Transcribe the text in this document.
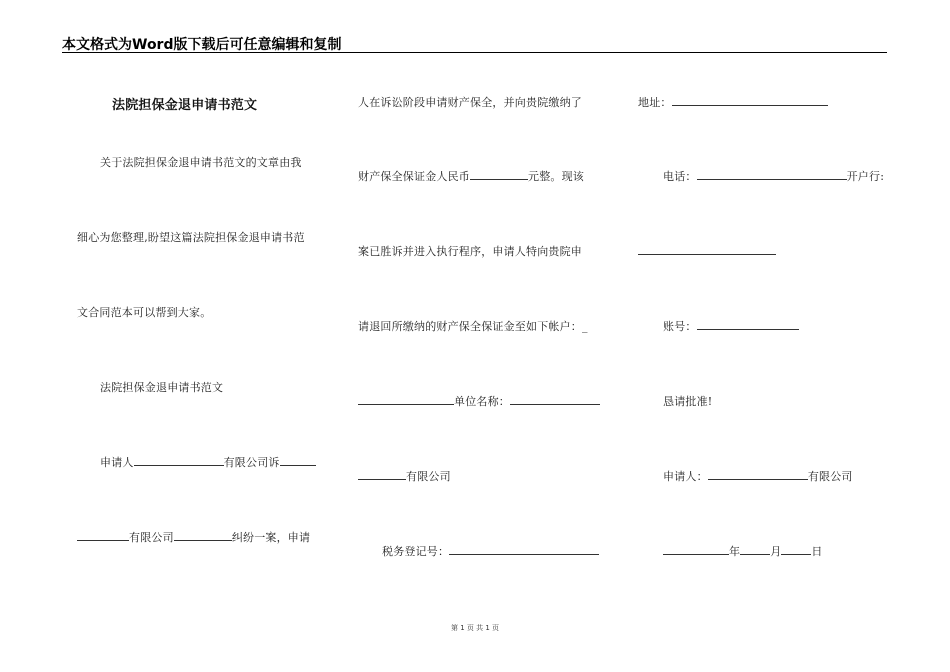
本文格式为Word版下载后可任意编辑和复制
法院担保金退申请书范文
关于法院担保金退申请书范文的文章由我
细心为您整理,盼望这篇法院担保金退申请书范
文合同范本可以帮到大家。
法院担保金退申请书范文
申请人	有限公司诉
有限公司	纠纷一案，申请
人在诉讼阶段申请财产保全，并向贵院缴纳了
财产保全保证金人民币	元整。现该
案已胜诉并进入执行程序，申请人特向贵院申
请退回所缴纳的财产保全保证金至如下帐户：_
单位名称：
有限公司
税务登记号：
地址：
电话：	开户行:
账号：
恳请批准!
申请人：	有限公司
年	月	日
第 1 页 共 1 页
